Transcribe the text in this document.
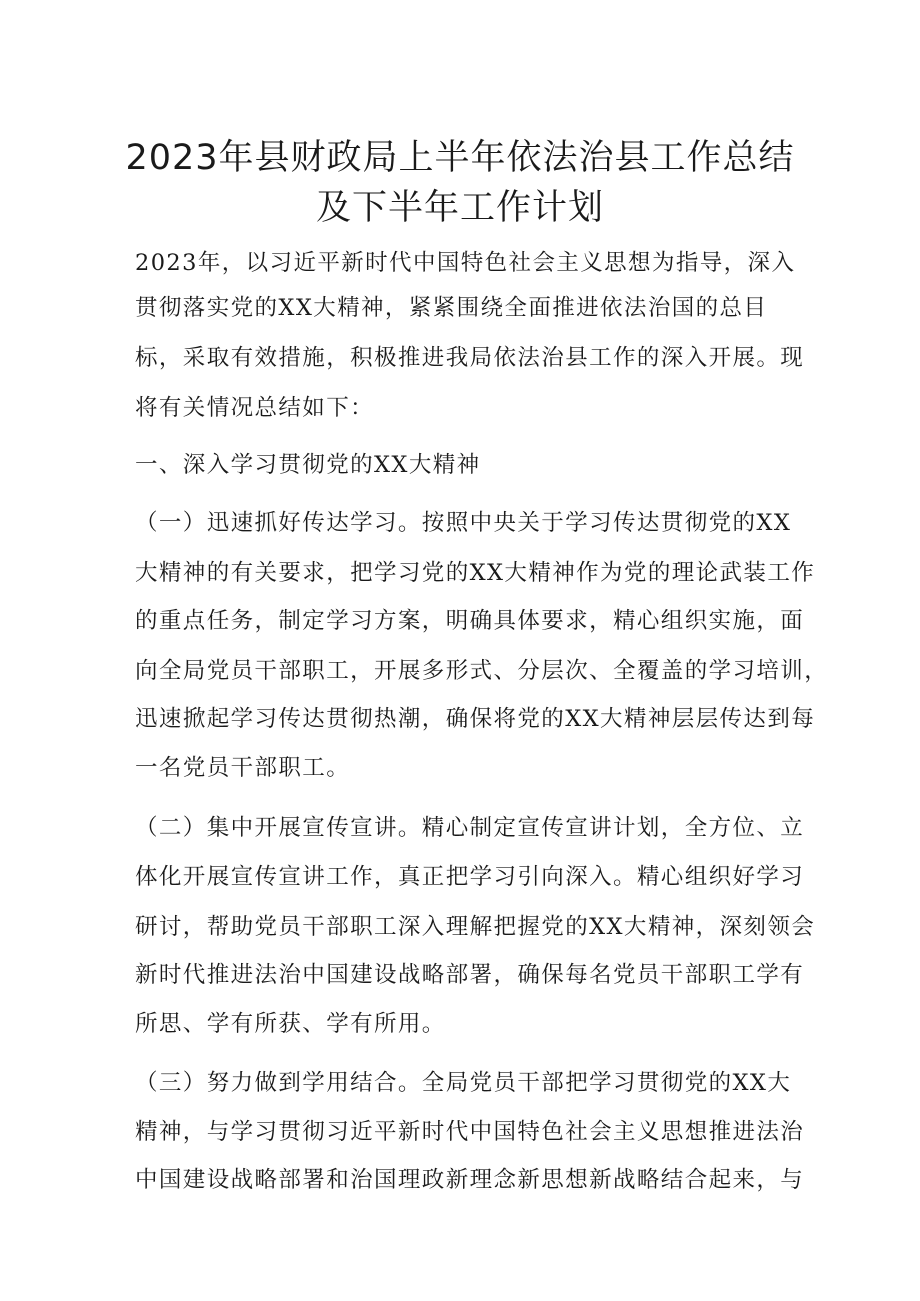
2023年县财政局上半年依法治县工作总结
及下半年工作计划
2023年，以习近平新时代中国特色社会主义思想为指导，深入
贯彻落实党的XX大精神，紧紧围绕全面推进依法治国的总目
标，采取有效措施，积极推进我局依法治县工作的深入开展。现
将有关情况总结如下：
一、深入学习贯彻党的XX大精神
（一）迅速抓好传达学习。按照中央关于学习传达贯彻党的XX
大精神的有关要求，把学习党的XX大精神作为党的理论武装工作
的重点任务，制定学习方案，明确具体要求，精心组织实施，面
向全局党员干部职工，开展多形式、分层次、全覆盖的学习培训，
迅速掀起学习传达贯彻热潮，确保将党的XX大精神层层传达到每
一名党员干部职工。
（二）集中开展宣传宣讲。精心制定宣传宣讲计划，全方位、立
体化开展宣传宣讲工作，真正把学习引向深入。精心组织好学习
研讨，帮助党员干部职工深入理解把握党的XX大精神，深刻领会
新时代推进法治中国建设战略部署，确保每名党员干部职工学有
所思、学有所获、学有所用。
（三）努力做到学用结合。全局党员干部把学习贯彻党的XX大
精神，与学习贯彻习近平新时代中国特色社会主义思想推进法治
中国建设战略部署和治国理政新理念新思想新战略结合起来，与
